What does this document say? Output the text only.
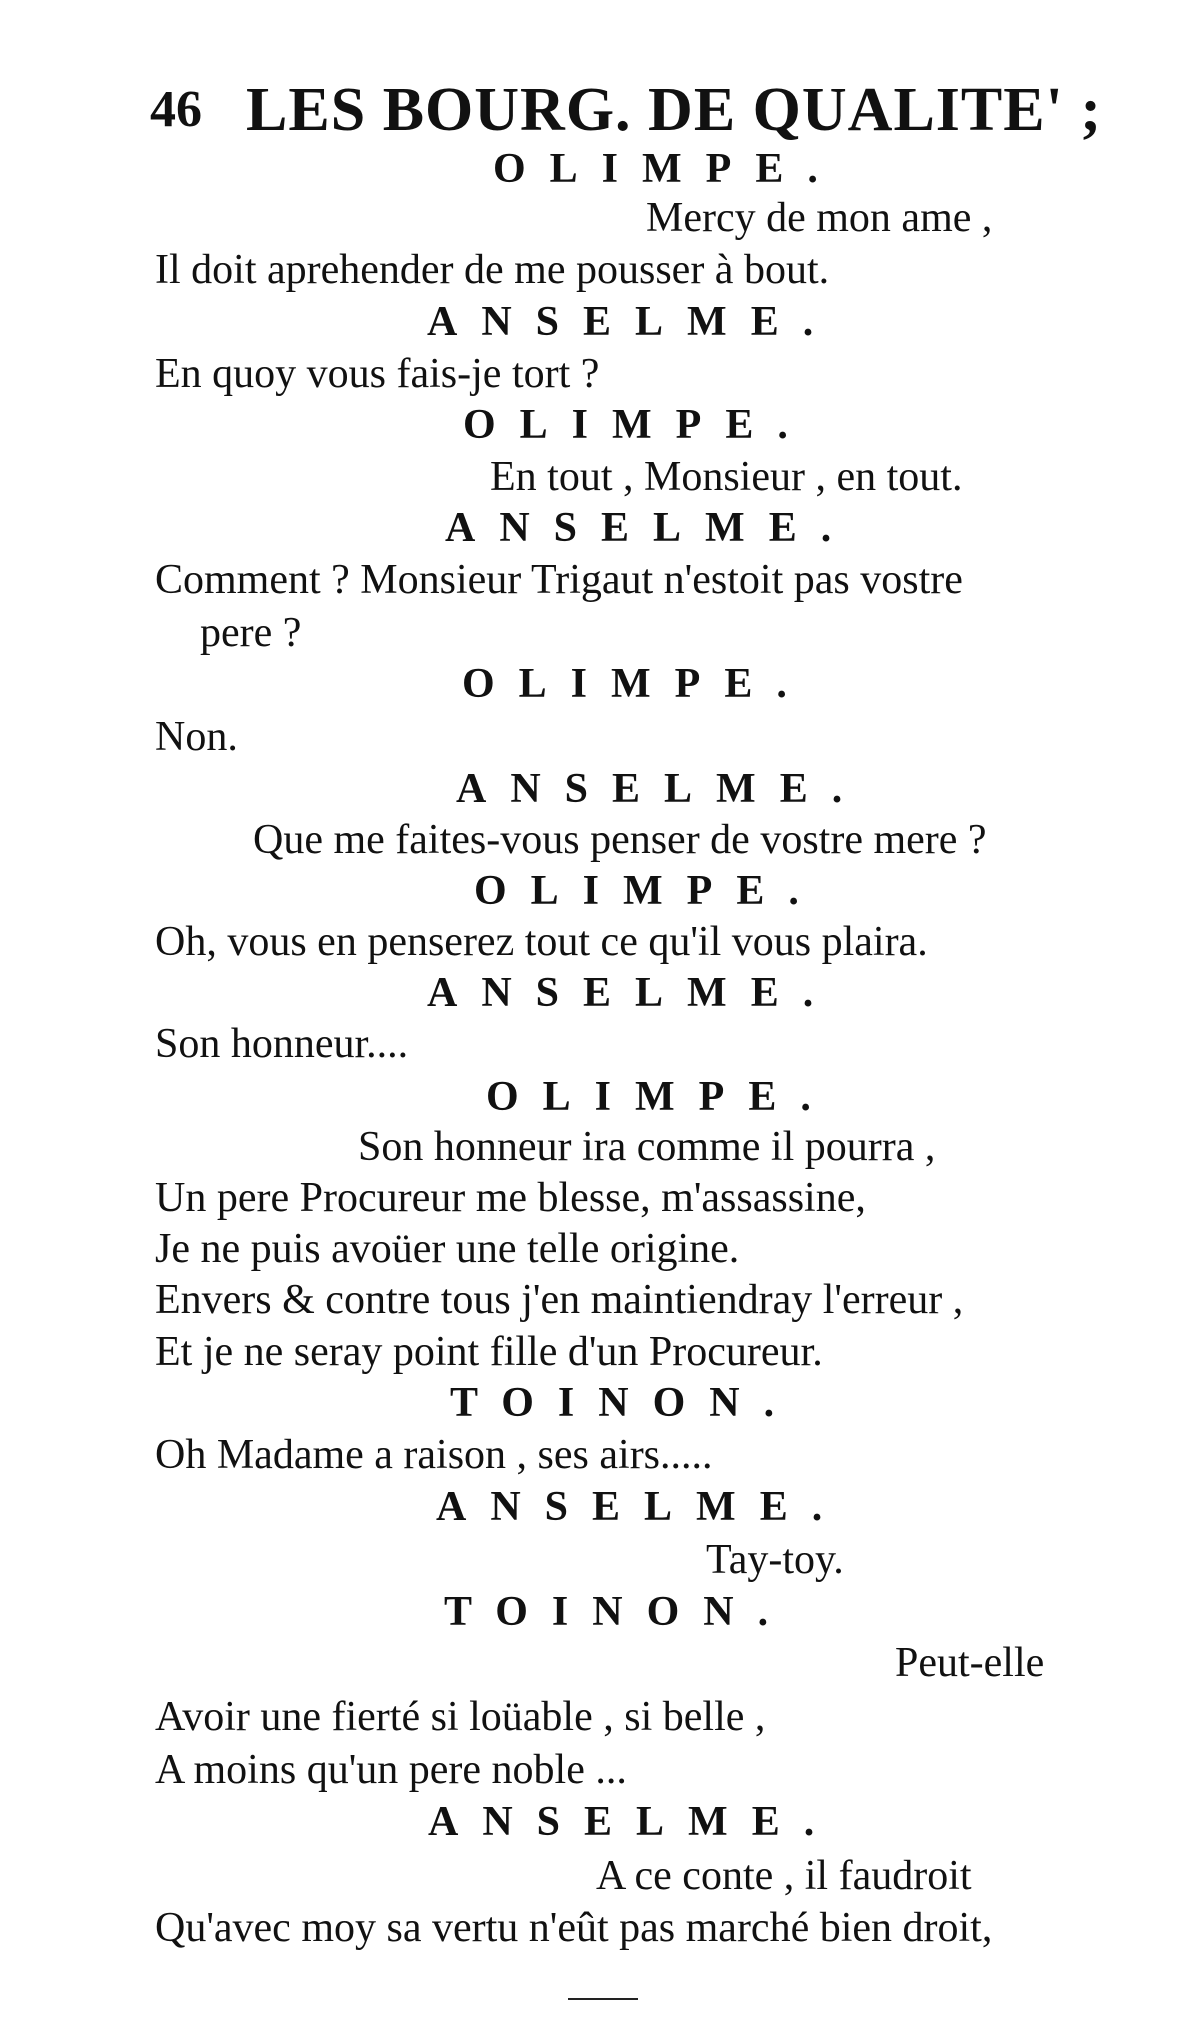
46 LES BOURG. DE QUALITE' ;
OLIMPE.
Mercy de mon ame ,
Il doit aprehender de me pousser à bout.
ANSELME.
En quoy vous fais-je tort ?
OLIMPE.
En tout , Monsieur , en tout.
ANSELME.
Comment ? Monsieur Trigaut n'estoit pas vostre
pere ?
OLIMPE.
Non.
ANSELME.
Que me faites-vous penser de vostre mere ?
OLIMPE.
Oh, vous en penserez tout ce qu'il vous plaira.
ANSELME.
Son honneur....
OLIMPE.
Son honneur ira comme il pourra ,
Un pere Procureur me blesse, m'assassine,
Je ne puis avoüer une telle origine.
Envers & contre tous j'en maintiendray l'erreur ,
Et je ne seray point fille d'un Procureur.
TOINON.
Oh Madame a raison , ses airs.....
ANSELME.
Tay-toy.
TOINON.
Peut-elle
Avoir une fierté si loüable , si belle ,
A moins qu'un pere noble ...
ANSELME.
A ce conte , il faudroit
Qu'avec moy sa vertu n'eût pas marché bien droit,
